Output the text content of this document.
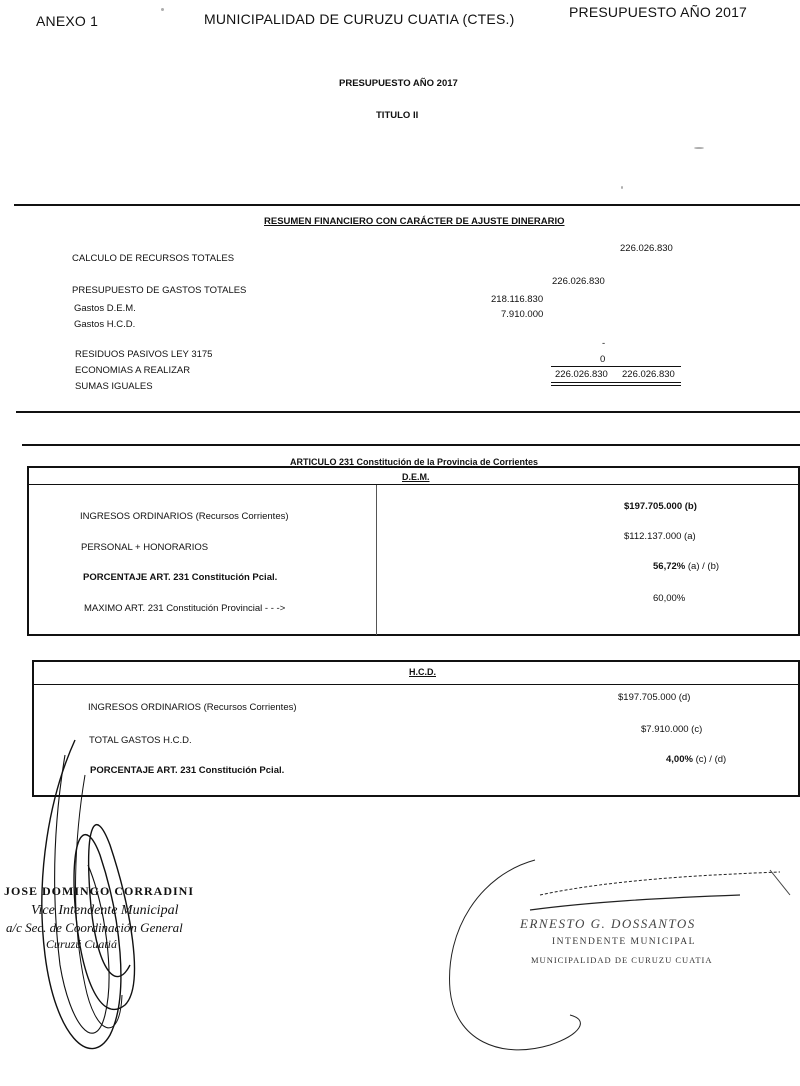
ANEXO 1	MUNICIPALIDAD DE CURUZU CUATIA (CTES.)	PRESUPUESTO AÑO 2017
PRESUPUESTO AÑO 2017
TITULO II
RESUMEN FINANCIERO CON CARÁCTER DE AJUSTE DINERARIO
CALCULO DE RECURSOS TOTALES
226.026.830
PRESUPUESTO DE GASTOS TOTALES
226.026.830
Gastos D.E.M.
218.116.830
Gastos H.C.D.
7.910.000
RESIDUOS PASIVOS LEY 3175
-
ECONOMIAS A REALIZAR
0
SUMAS IGUALES
226.026.830 226.026.830
ARTICULO 231 Constitución de la Provincia de Corrientes
D.E.M.
INGRESOS ORDINARIOS (Recursos Corrientes)
$197.705.000 (b)
PERSONAL + HONORARIOS
$112.137.000 (a)
PORCENTAJE ART. 231 Constitución Pcial.
56,72% (a) / (b)
MAXIMO ART. 231 Constitución Provincial - - ->
60,00%
H.C.D.
INGRESOS ORDINARIOS (Recursos Corrientes)
$197.705.000 (d)
TOTAL GASTOS H.C.D.
$7.910.000 (c)
PORCENTAJE ART. 231 Constitución Pcial.
4,00% (c) / (d)
JOSE DOMINGO CORRADINI
Vice Intendente Municipal
a/c Sec. de Coordinación General
Curuzú Cuatiá
ERNESTO G. DOSSANTOS
INTENDENTE MUNICIPAL
MUNICIPALIDAD DE CURUZU CUATIA
